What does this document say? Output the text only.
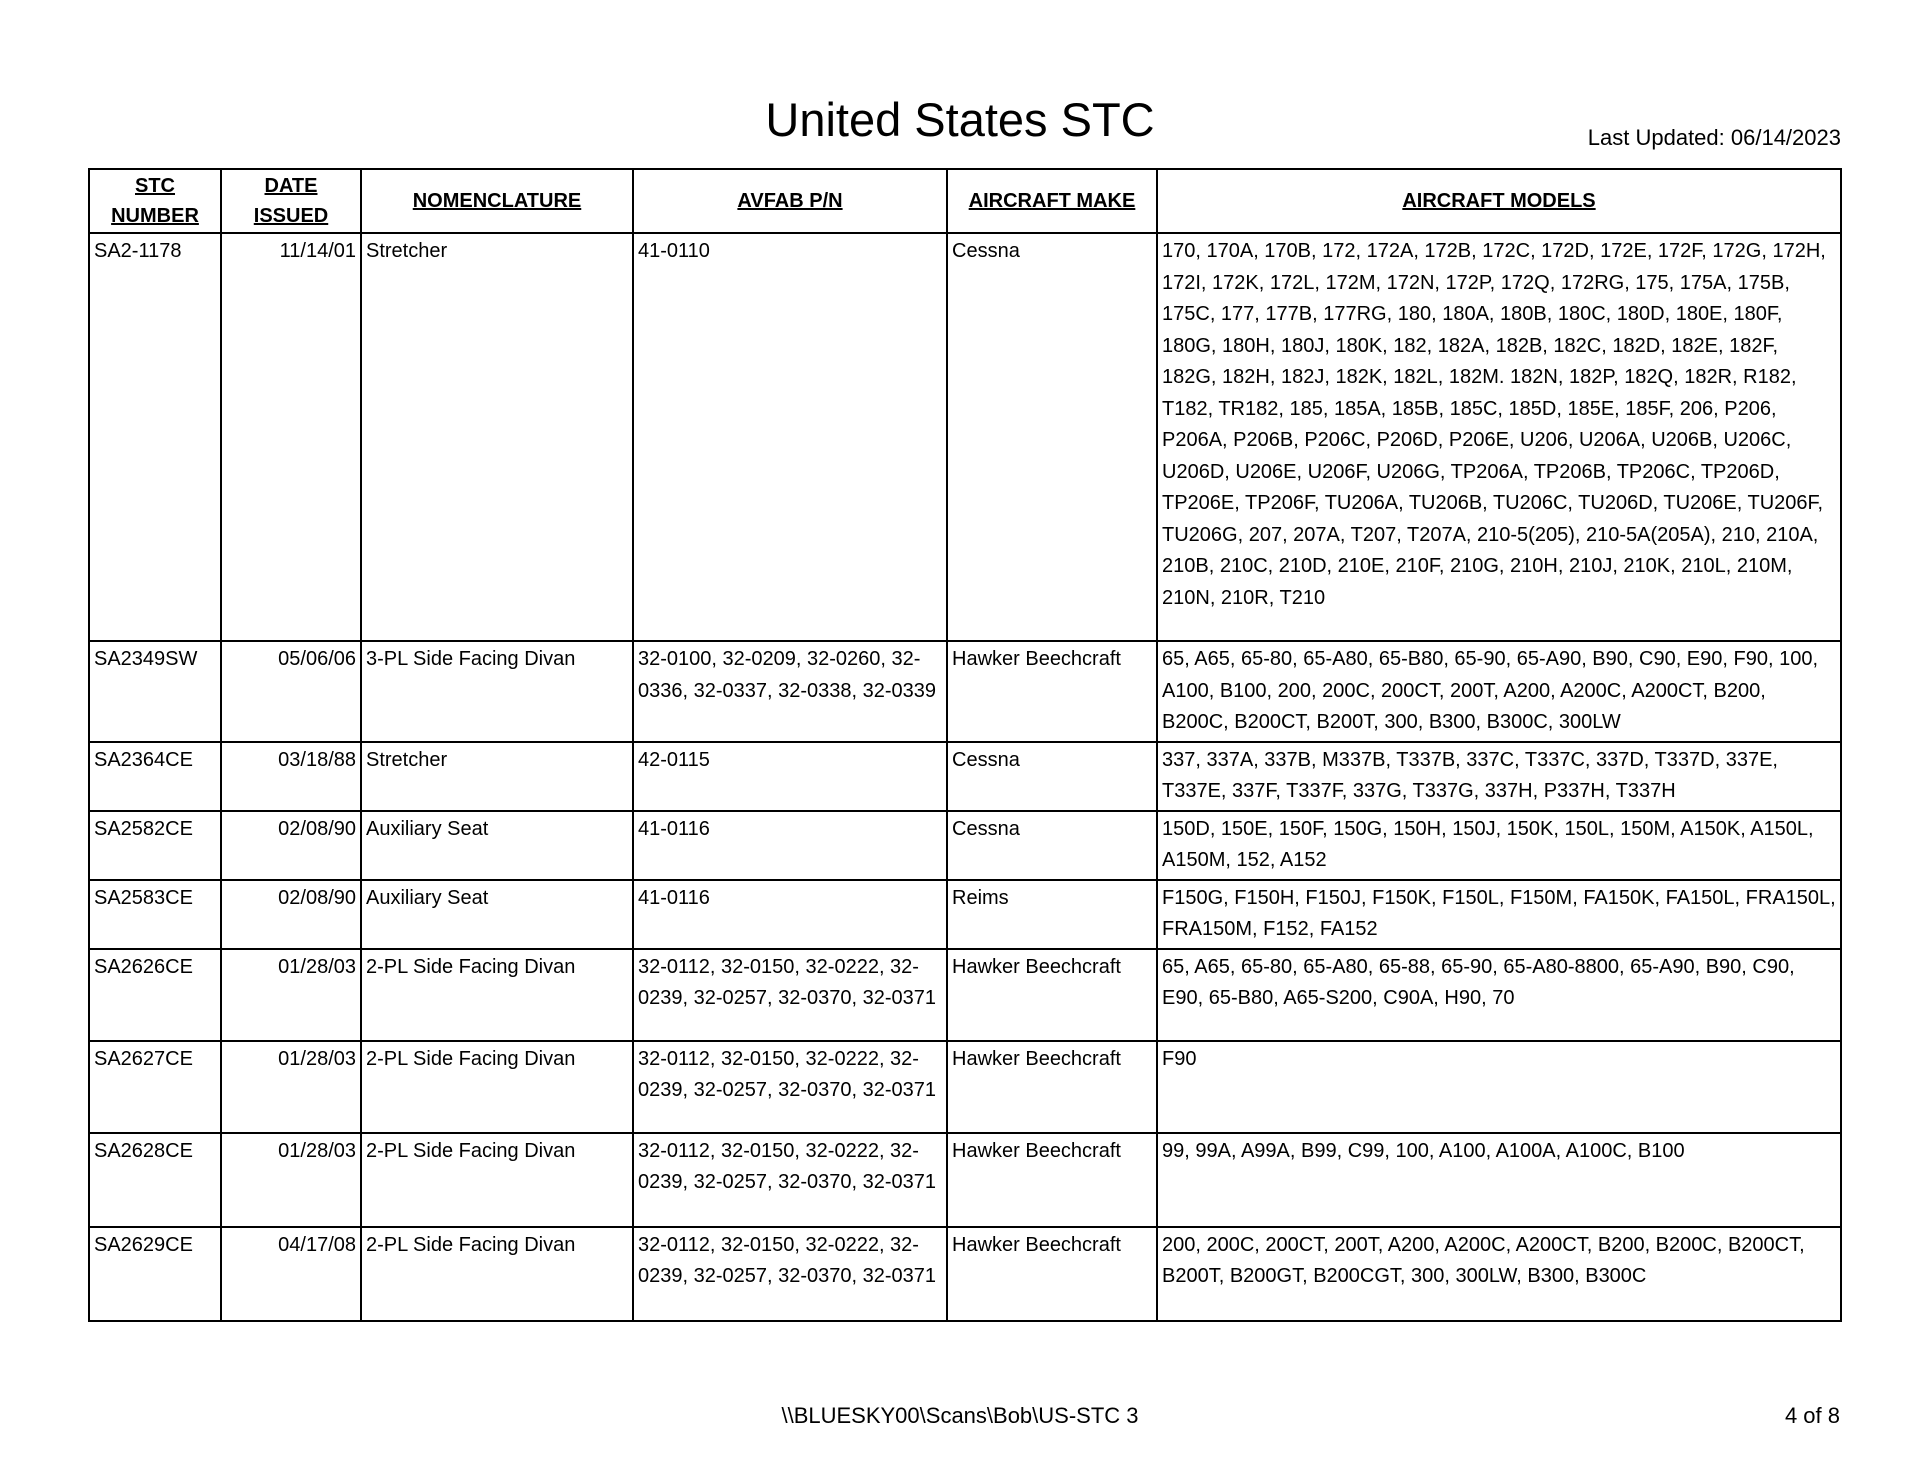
United States STC	Last Updated: 06/14/2023
STC
NUMBER	DATE ISSUED	NOMENCLATURE	AVFAB P/N	AIRCRAFT MAKE	AIRCRAFT MODELS
SA2-1178	11/14/01	Stretcher	41-0110	Cessna	170, 170A, 170B, 172, 172A, 172B, 172C, 172D, 172E, 172F, 172G, 172H, 172I, 172K, 172L, 172M, 172N, 172P, 172Q, 172RG, 175, 175A, 175B, 175C, 177, 177B, 177RG, 180, 180A, 180B, 180C, 180D, 180E, 180F, 180G, 180H, 180J, 180K, 182, 182A, 182B, 182C, 182D, 182E, 182F, 182G, 182H, 182J, 182K, 182L, 182M. 182N, 182P, 182Q, 182R, R182, T182, TR182, 185, 185A, 185B, 185C, 185D, 185E, 185F, 206, P206, P206A, P206B, P206C, P206D, P206E, U206, U206A, U206B, U206C, U206D, U206E, U206F, U206G, TP206A, TP206B, TP206C, TP206D, TP206E, TP206F, TU206A, TU206B, TU206C, TU206D, TU206E, TU206F, TU206G, 207, 207A, T207, T207A, 210-5(205), 210-5A(205A), 210, 210A, 210B, 210C, 210D, 210E, 210F, 210G, 210H, 210J, 210K, 210L, 210M, 210N, 210R, T210
SA2349SW	05/06/06	3-PL Side Facing Divan	32-0100, 32-0209, 32-0260, 32-0336, 32-0337, 32-0338, 32-0339	Hawker Beechcraft	65, A65, 65-80, 65-A80, 65-B80, 65-90, 65-A90, B90, C90, E90, F90, 100, A100, B100, 200, 200C, 200CT, 200T, A200, A200C, A200CT, B200, B200C, B200CT, B200T, 300, B300, B300C, 300LW
SA2364CE	03/18/88	Stretcher	42-0115	Cessna	337, 337A, 337B, M337B, T337B, 337C, T337C, 337D, T337D, 337E, T337E, 337F, T337F, 337G, T337G, 337H, P337H, T337H
SA2582CE	02/08/90	Auxiliary Seat	41-0116	Cessna	150D, 150E, 150F, 150G, 150H, 150J, 150K, 150L, 150M, A150K, A150L, A150M, 152, A152
SA2583CE	02/08/90	Auxiliary Seat	41-0116	Reims	F150G, F150H, F150J, F150K, F150L, F150M, FA150K, FA150L, FRA150L, FRA150M, F152, FA152
SA2626CE	01/28/03	2-PL Side Facing Divan	32-0112, 32-0150, 32-0222, 32-0239, 32-0257, 32-0370, 32-0371	Hawker Beechcraft	65, A65, 65-80, 65-A80, 65-88, 65-90, 65-A80-8800, 65-A90, B90, C90, E90, 65-B80, A65-S200, C90A, H90, 70
SA2627CE	01/28/03	2-PL Side Facing Divan	32-0112, 32-0150, 32-0222, 32-0239, 32-0257, 32-0370, 32-0371	Hawker Beechcraft	F90
SA2628CE	01/28/03	2-PL Side Facing Divan	32-0112, 32-0150, 32-0222, 32-0239, 32-0257, 32-0370, 32-0371	Hawker Beechcraft	99, 99A, A99A, B99, C99, 100, A100, A100A, A100C, B100
SA2629CE	04/17/08	2-PL Side Facing Divan	32-0112, 32-0150, 32-0222, 32-0239, 32-0257, 32-0370, 32-0371	Hawker Beechcraft	200, 200C, 200CT, 200T, A200, A200C, A200CT, B200, B200C, B200CT, B200T, B200GT, B200CGT, 300, 300LW, B300, B300C
\\BLUESKY00\Scans\Bob\US-STC 3	4 of 8
